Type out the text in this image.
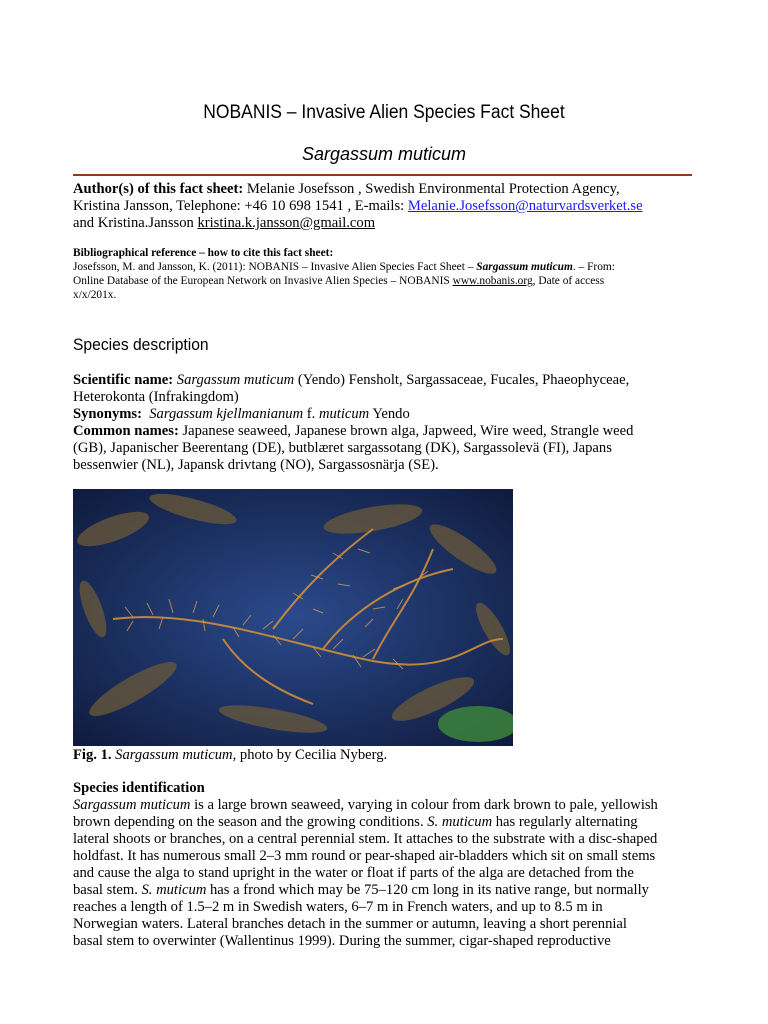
NOBANIS – Invasive Alien Species Fact Sheet
Sargassum muticum
Author(s) of this fact sheet: Melanie Josefsson , Swedish Environmental Protection Agency,
Kristina Jansson, Telephone: +46 10 698 1541 , E-mails: Melanie.Josefsson@naturvardsverket.se
and Kristina.Jansson kristina.k.jansson@gmail.com
Bibliographical reference – how to cite this fact sheet:
Josefsson, M. and Jansson, K. (2011): NOBANIS – Invasive Alien Species Fact Sheet – Sargassum muticum. – From:
Online Database of the European Network on Invasive Alien Species – NOBANIS www.nobanis.org, Date of access
x/x/201x.
Species description
Scientific name: Sargassum muticum (Yendo) Fensholt, Sargassaceae, Fucales, Phaeophyceae,
Heterokonta (Infrakingdom)
Synonyms: Sargassum kjellmanianum f. muticum Yendo
Common names: Japanese seaweed, Japanese brown alga, Japweed, Wire weed, Strangle weed
(GB), Japanischer Beerentang (DE), butblæret sargassotang (DK), Sargassolevä (FI), Japans
bessenwier (NL), Japansk drivtang (NO), Sargassosnärja (SE).
Fig. 1. Sargassum muticum, photo by Cecilia Nyberg.
Species identification
Sargassum muticum is a large brown seaweed, varying in colour from dark brown to pale, yellowish
brown depending on the season and the growing conditions. S. muticum has regularly alternating
lateral shoots or branches, on a central perennial stem. It attaches to the substrate with a disc-shaped
holdfast. It has numerous small 2–3 mm round or pear-shaped air-bladders which sit on small stems
and cause the alga to stand upright in the water or float if parts of the alga are detached from the
basal stem. S. muticum has a frond which may be 75–120 cm long in its native range, but normally
reaches a length of 1.5–2 m in Swedish waters, 6–7 m in French waters, and up to 8.5 m in
Norwegian waters. Lateral branches detach in the summer or autumn, leaving a short perennial
basal stem to overwinter (Wallentinus 1999). During the summer, cigar-shaped reproductive
